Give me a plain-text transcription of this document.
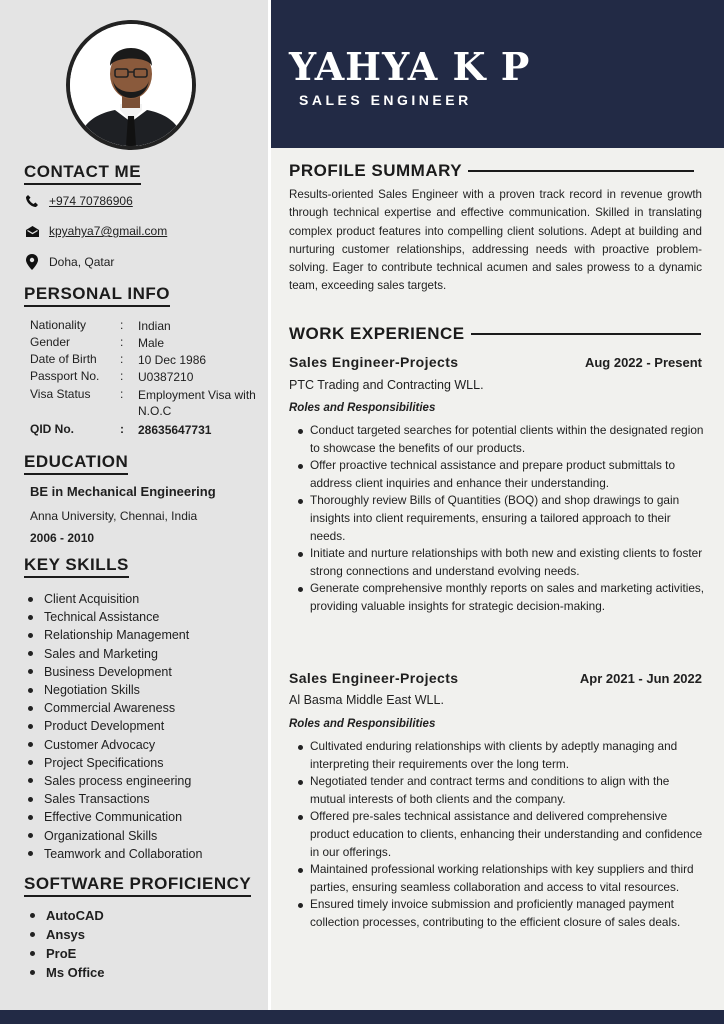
YAHYA K P
SALES ENGINEER
CONTACT ME
+974 70786906
kpyahya7@gmail.com
Doha, Qatar
PERSONAL INFO
Nationality	:	Indian
Gender	:	Male
Date of Birth	:	10 Dec 1986
Passport No.	:	U0387210
Visa Status	:	Employment Visa with N.O.C
QID No.	:	28635647731
EDUCATION
BE in Mechanical Engineering
Anna University, Chennai, India
2006 - 2010
KEY SKILLS
Client Acquisition
Technical Assistance
Relationship Management
Sales and Marketing
Business Development
Negotiation Skills
Commercial Awareness
Product Development
Customer Advocacy
Project Specifications
Sales process engineering
Sales Transactions
Effective Communication
Organizational Skills
Teamwork and Collaboration
SOFTWARE PROFICIENCY
AutoCAD
Ansys
ProE
Ms Office
PROFILE SUMMARY
Results-oriented Sales Engineer with a proven track record in revenue growth through technical expertise and effective communication. Skilled in translating complex product features into compelling client solutions. Adept at building and nurturing customer relationships, addressing needs with proactive problem-solving. Eager to contribute technical acumen and sales prowess to a dynamic team, exceeding sales targets.
WORK EXPERIENCE
Sales Engineer-Projects	Aug 2022 - Present
PTC Trading and Contracting WLL.
Roles and Responsibilities
Conduct targeted searches for potential clients within the designated region to showcase the benefits of our products.
Offer proactive technical assistance and prepare product submittals to address client inquiries and enhance their understanding.
Thoroughly review Bills of Quantities (BOQ) and shop drawings to gain insights into client requirements, ensuring a tailored approach to their needs.
Initiate and nurture relationships with both new and existing clients to foster strong connections and understand evolving needs.
Generate comprehensive monthly reports on sales and marketing activities, providing valuable insights for strategic decision-making.
Sales Engineer-Projects	Apr 2021 - Jun 2022
Al Basma Middle East WLL.
Roles and Responsibilities
Cultivated enduring relationships with clients by adeptly managing and interpreting their requirements over the long term.
Negotiated tender and contract terms and conditions to align with the mutual interests of both clients and the company.
Offered pre-sales technical assistance and delivered comprehensive product education to clients, enhancing their understanding and confidence in our offerings.
Maintained professional working relationships with key suppliers and third parties, ensuring seamless collaboration and access to vital resources.
Ensured timely invoice submission and proficiently managed payment collection processes, contributing to the efficient closure of sales deals.
